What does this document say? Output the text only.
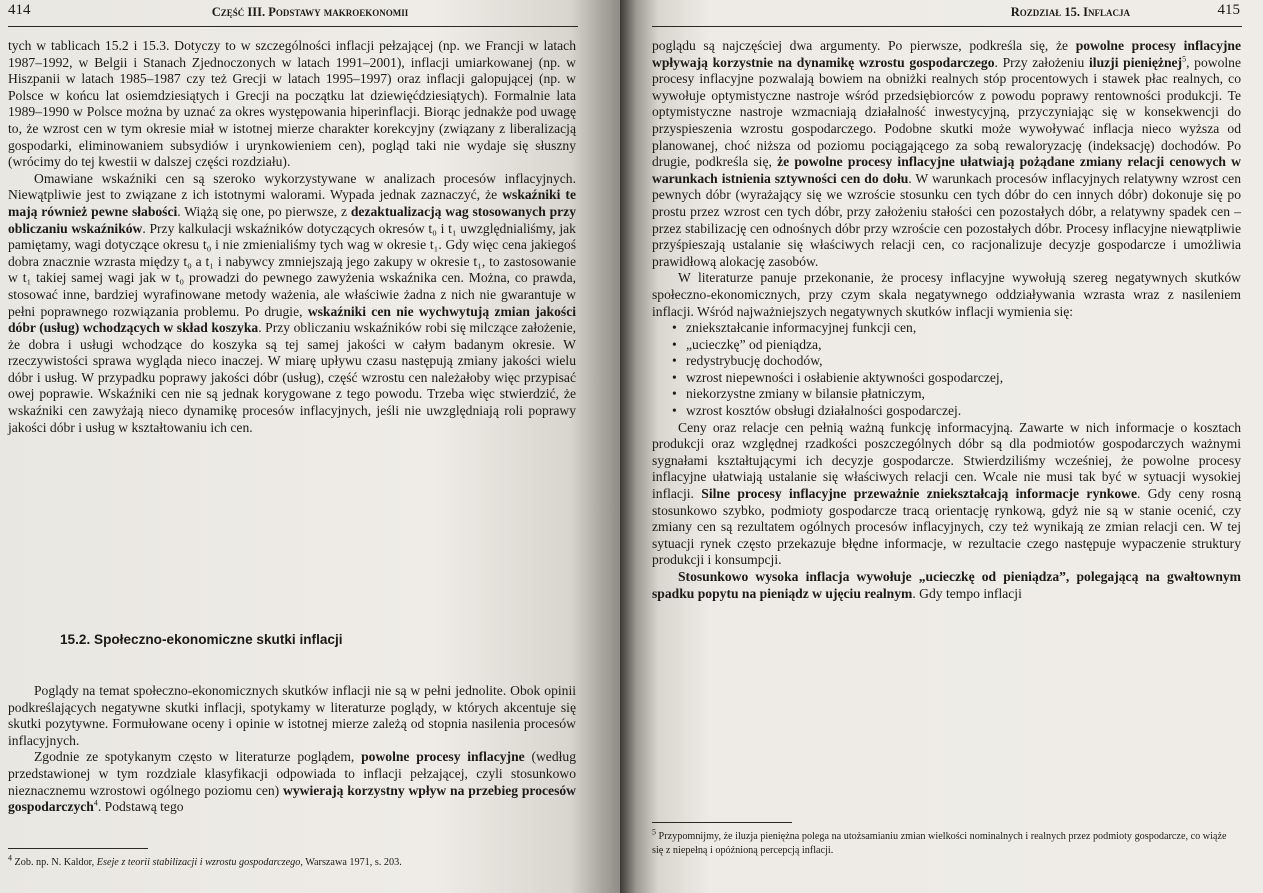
414	Część III. Podstawy makroekonomii

tych w tablicach 15.2 i 15.3. Dotyczy to w szczególności inflacji pełzającej (np. we Francji w latach 1987–1992, w Belgii i Stanach Zjednoczonych w latach 1991–2001), inflacji umiarkowanej (np. w Hiszpanii w latach 1985–1987 czy też Grecji w latach 1995–1997) oraz inflacji galopującej (np. w Polsce w końcu lat osiemdziesiątych i Grecji na początku lat dziewięćdziesiątych). Formalnie lata 1989–1990 w Polsce można by uznać za okres występowania hiperinflacji. Biorąc jednakże pod uwagę to, że wzrost cen w tym okresie miał w istotnej mierze charakter korekcyjny (związany z liberalizacją gospodarki, eliminowaniem subsydiów i urynkowieniem cen), pogląd taki nie wydaje się słuszny (wrócimy do tej kwestii w dalszej części rozdziału).

Omawiane wskaźniki cen są szeroko wykorzystywane w analizach procesów inflacyjnych. Niewątpliwie jest to związane z ich istotnymi walorami. Wypada jednak zaznaczyć, że wskaźniki te mają również pewne słabości. Wiążą się one, po pierwsze, z dezaktualizacją wag stosowanych przy obliczaniu wskaźników. Przy kalkulacji wskaźników dotyczących okresów t₀ i t₁ uwzględnialiśmy, jak pamiętamy, wagi dotyczące okresu t₀ i nie zmienialiśmy tych wag w okresie t₁. Gdy więc cena jakiegoś dobra znacznie wzrasta między t₀ a t₁ i nabywcy zmniejszają jego zakupy w okresie t₁, to zastosowanie w t₁ takiej samej wagi jak w t₀ prowadzi do pewnego zawyżenia wskaźnika cen. Można, co prawda, stosować inne, bardziej wyrafinowane metody ważenia, ale właściwie żadna z nich nie gwarantuje w pełni poprawnego rozwiązania problemu. Po drugie, wskaźniki cen nie wychwytują zmian jakości dóbr (usług) wchodzących w skład koszyka. Przy obliczaniu wskaźników robi się milczące założenie, że dobra i usługi wchodzące do koszyka są tej samej jakości w całym badanym okresie. W rzeczywistości sprawa wygląda nieco inaczej. W miarę upływu czasu następują zmiany jakości wielu dóbr i usług. W przypadku poprawy jakości dóbr (usług), część wzrostu cen należałoby więc przypisać owej poprawie. Wskaźniki cen nie są jednak korygowane z tego powodu. Trzeba więc stwierdzić, że wskaźniki cen zawyżają nieco dynamikę procesów inflacyjnych, jeśli nie uwzględniają roli poprawy jakości dóbr i usług w kształtowaniu ich cen.

15.2. Społeczno-ekonomiczne skutki inflacji

Poglądy na temat społeczno-ekonomicznych skutków inflacji nie są w pełni jednolite. Obok opinii podkreślających negatywne skutki inflacji, spotykamy w literaturze poglądy, w których akcentuje się skutki pozytywne. Formułowane oceny i opinie w istotnej mierze zależą od stopnia nasilenia procesów inflacyjnych.

Zgodnie ze spotykanym często w literaturze poglądem, powolne procesy inflacyjne (według przedstawionej w tym rozdziale klasyfikacji odpowiada to inflacji pełzającej, czyli stosunkowo nieznacznemu wzrostowi ogólnego poziomu cen) wywierają korzystny wpływ na przebieg procesów gospodarczych$^4$. Podstawą tego

$^4$ Zob. np. N. Kaldor, Eseje z teorii stabilizacji i wzrostu gospodarczego, Warszawa 1971, s. 203.
Rozdział 15. Inflacja	415

poglądu są najczęściej dwa argumenty. Po pierwsze, podkreśla się, że powolne procesy inflacyjne wpływają korzystnie na dynamikę wzrostu gospodarczego. Przy założeniu iluzji pieniężnej$^5$, powolne procesy inflacyjne pozwalają bowiem na obniżki realnych stóp procentowych i stawek płac realnych, co wywołuje optymistyczne nastroje wśród przedsiębiorców z powodu poprawy rentowności produkcji. Te optymistyczne nastroje wzmacniają działalność inwestycyjną, przyczyniając się w konsekwencji do przyspieszenia wzrostu gospodarczego. Podobne skutki może wywoływać inflacja nieco wyższa od planowanej, choć niższa od poziomu pociągającego za sobą rewaloryzację (indeksację) dochodów. Po drugie, podkreśla się, że powolne procesy inflacyjne ułatwiają pożądane zmiany relacji cenowych w warunkach istnienia sztywności cen do dołu. W warunkach procesów inflacyjnych relatywny wzrost cen pewnych dóbr (wyrażający się we wzroście stosunku cen tych dóbr do cen innych dóbr) dokonuje się po prostu przez wzrost cen tych dóbr, przy założeniu stałości cen pozostałych dóbr, a relatywny spadek cen – przez stabilizację cen odnośnych dóbr przy wzroście cen pozostałych dóbr. Procesy inflacyjne niewątpliwie przyśpieszają ustalanie się właściwych relacji cen, co racjonalizuje decyzje gospodarcze i umożliwia prawidłową alokację zasobów.

W literaturze panuje przekonanie, że procesy inflacyjne wywołują szereg negatywnych skutków społeczno-ekonomicznych, przy czym skala negatywnego oddziaływania wzrasta wraz z nasileniem inflacji. Wśród najważniejszych negatywnych skutków inflacji wymienia się:

• zniekształcanie informacyjnej funkcji cen,
• „ucieczkę” od pieniądza,
• redystrybucję dochodów,
• wzrost niepewności i osłabienie aktywności gospodarczej,
• niekorzystne zmiany w bilansie płatniczym,
• wzrost kosztów obsługi działalności gospodarczej.

Ceny oraz relacje cen pełnią ważną funkcję informacyjną. Zawarte w nich informacje o kosztach produkcji oraz względnej rzadkości poszczególnych dóbr są dla podmiotów gospodarczych ważnymi sygnałami kształtującymi ich decyzje gospodarcze. Stwierdziliśmy wcześniej, że powolne procesy inflacyjne ułatwiają ustalanie się właściwych relacji cen. Wcale nie musi tak być w sytuacji wysokiej inflacji. Silne procesy inflacyjne przeważnie zniekształcają informacje rynkowe. Gdy ceny rosną stosunkowo szybko, podmioty gospodarcze tracą orientację rynkową, gdyż nie są w stanie ocenić, czy zmiany cen są rezultatem ogólnych procesów inflacyjnych, czy też wynikają ze zmian relacji cen. W tej sytuacji rynek często przekazuje błędne informacje, w rezultacie czego następuje wypaczenie struktury produkcji i konsumpcji.

Stosunkowo wysoka inflacja wywołuje „ucieczkę od pieniądza”, polegającą na gwałtownym spadku popytu na pieniądz w ujęciu realnym. Gdy tempo inflacji

$^5$ Przypomnijmy, że iluzja pieniężna polega na utożsamianiu zmian wielkości nominalnych i realnych przez podmioty gospodarcze, co wiąże się z niepełną i opóźnioną percepcją inflacji.
